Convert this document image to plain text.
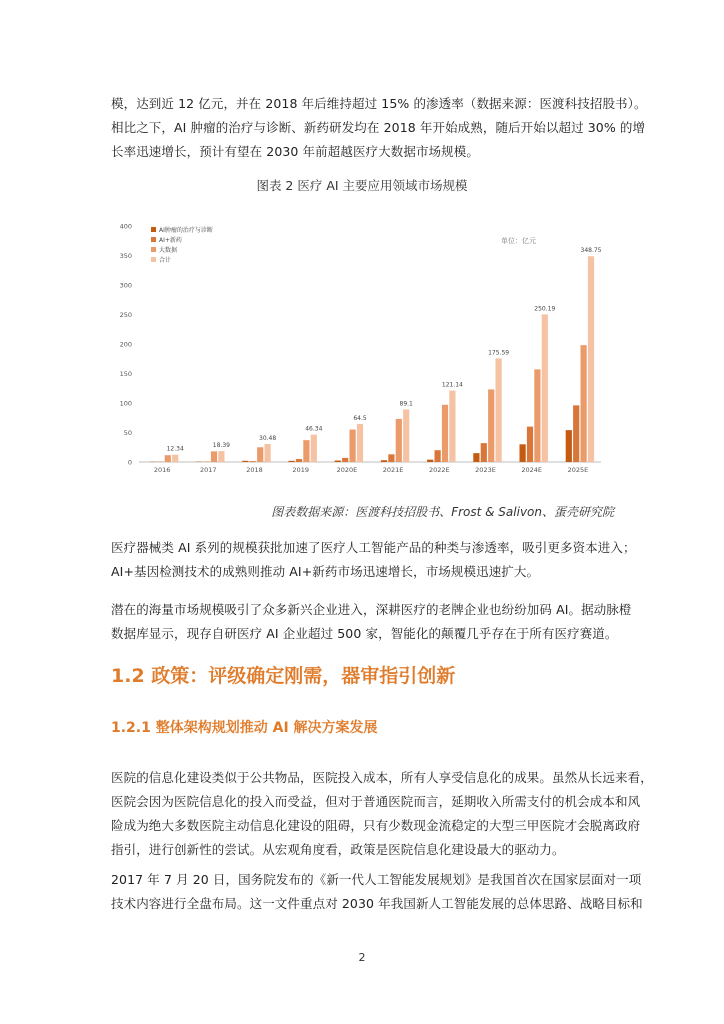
模，达到近 12 亿元，并在 2018 年后维持超过 15% 的渗透率（数据来源：医渡科技招股书）。
相比之下，AI 肿瘤的治疗与诊断、新药研发均在 2018 年开始成熟，随后开始以超过 30% 的增
长率迅速增长，预计有望在 2030 年前超越医疗大数据市场规模。

图表 2 医疗 AI 主要应用领域市场规模
0
50
100
150
200
250
300
350
400
12.34
2016
18.39
2017
30.48
2018
46.34
2019
64.5
2020E
89.1
2021E
121.14
2022E
175.59
2023E
250.19
2024E
348.75
2025E
AI肿瘤的治疗与诊断
AI+新药
大数据
合计
单位：亿元
图表数据来源：医渡科技招股书、Frost & Salivon、蛋壳研究院

医疗器械类 AI 系列的规模获批加速了医疗人工智能产品的种类与渗透率，吸引更多资本进入；
AI+基因检测技术的成熟则推动 AI+新药市场迅速增长，市场规模迅速扩大。

潜在的海量市场规模吸引了众多新兴企业进入，深耕医疗的老牌企业也纷纷加码 AI。据动脉橙
数据库显示，现存自研医疗 AI 企业超过 500 家，智能化的颠覆几乎存在于所有医疗赛道。

1.2 政策：评级确定刚需，器审指引创新
1.2.1 整体架构规划推动 AI 解决方案发展

医院的信息化建设类似于公共物品，医院投入成本，所有人享受信息化的成果。虽然从长远来看，
医院会因为医院信息化的投入而受益，但对于普通医院而言，延期收入所需支付的机会成本和风
险成为绝大多数医院主动信息化建设的阻碍，只有少数现金流稳定的大型三甲医院才会脱离政府
指引，进行创新性的尝试。从宏观角度看，政策是医院信息化建设最大的驱动力。

2017 年 7 月 20 日，国务院发布的《新一代人工智能发展规划》是我国首次在国家层面对一项
技术内容进行全盘布局。这一文件重点对 2030 年我国新人工智能发展的总体思路、战略目标和

2
